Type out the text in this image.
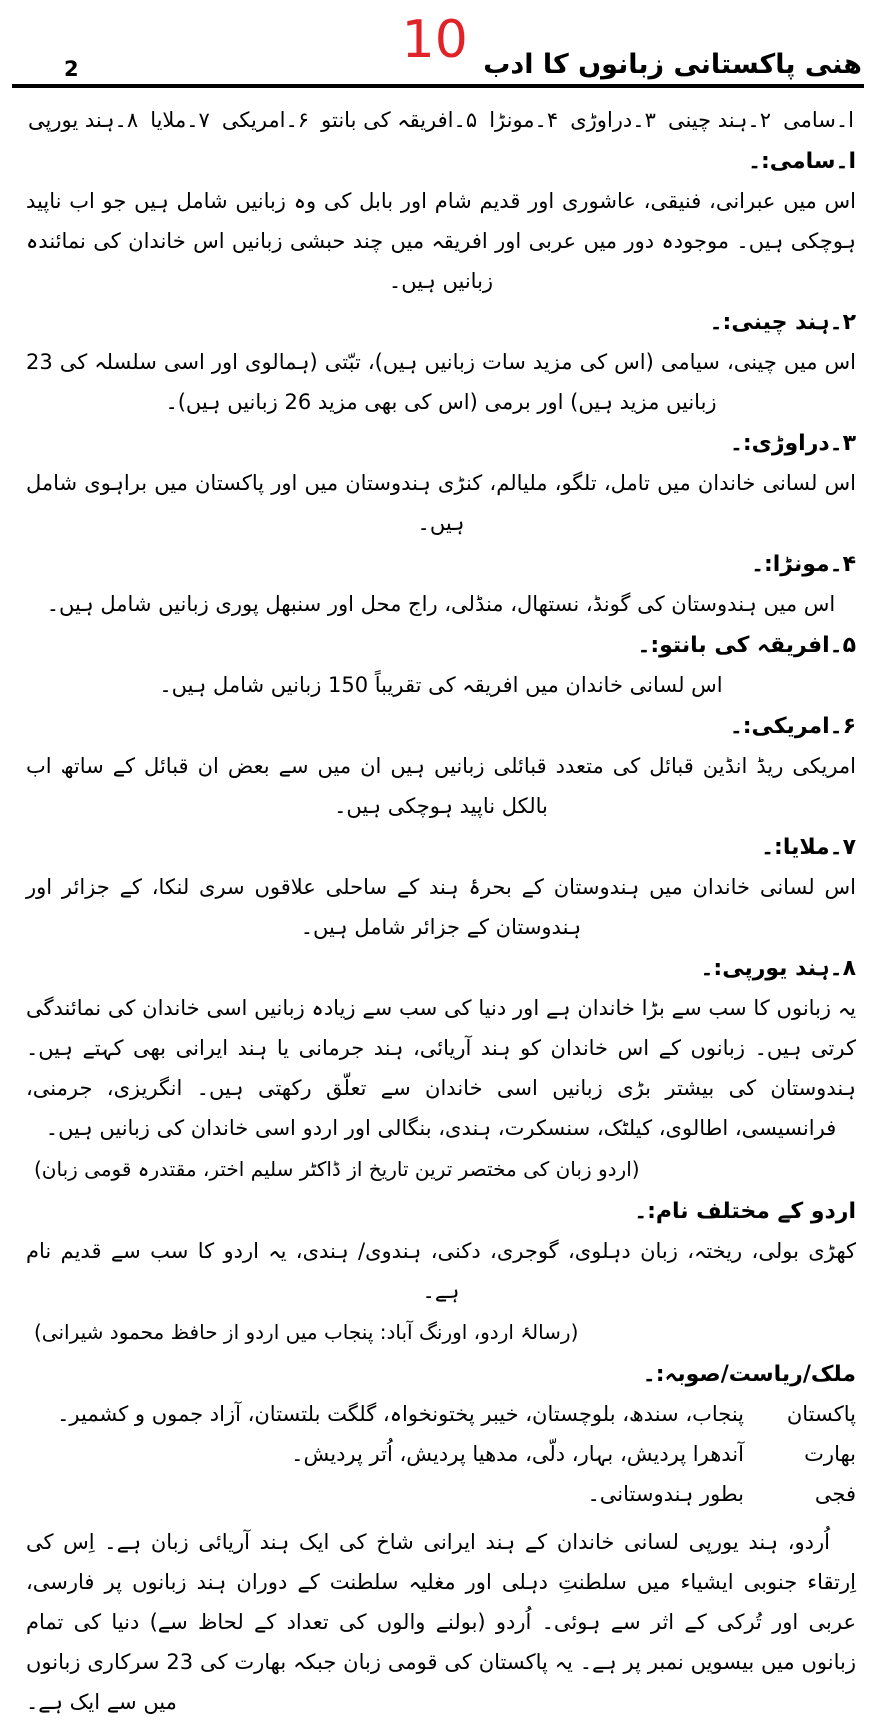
2	10 ھنی پاکستانی زبانوں کا ادب
ا۔سامی
۲۔ہند چینی
۳۔دراوڑی
۴۔مونڑا
۵۔افریقہ کی بانتو
۶۔امریکی
۷۔ملایا
۸۔ہند یورپی
ا۔سامی:۔

اس میں عبرانی، فنیقی، عاشوری اور قدیم شام اور بابل کی وہ زبانیں شامل ہیں جو اب ناپید ہوچکی ہیں۔ موجودہ دور میں عربی اور افریقہ میں چند حبشی زبانیں اس خاندان کی نمائندہ زبانیں ہیں۔

۲۔ہند چینی:۔

اس میں چینی، سیامی (اس کی مزید سات زبانیں ہیں)، تبّتی (ہمالوی اور اسی سلسلہ کی 23 زبانیں مزید ہیں) اور برمی (اس کی بھی مزید 26 زبانیں ہیں)۔

۳۔دراوڑی:۔

اس لسانی خاندان میں تامل، تلگو، ملیالم، کنڑی ہندوستان میں اور پاکستان میں براہوی شامل ہیں۔

۴۔مونڑا:۔

اس میں ہندوستان کی گونڈ، نستھال، منڈلی، راج محل اور سنبھل پوری زبانیں شامل ہیں۔

۵۔افریقہ کی بانتو:۔

اس لسانی خاندان میں افریقہ کی تقریباً 150 زبانیں شامل ہیں۔

۶۔امریکی:۔

امریکی ریڈ انڈین قبائل کی متعدد قبائلی زبانیں ہیں ان میں سے بعض ان قبائل کے ساتھ اب بالکل ناپید ہوچکی ہیں۔

۷۔ملایا:۔

اس لسانی خاندان میں ہندوستان کے بحرۂ ہند کے ساحلی علاقوں سری لنکا، کے جزائر اور ہندوستان کے جزائر شامل ہیں۔

۸۔ہند یورپی:۔

یہ زبانوں کا سب سے بڑا خاندان ہے اور دنیا کی سب سے زیادہ زبانیں اسی خاندان کی نمائندگی کرتی ہیں۔ زبانوں کے اس خاندان کو ہند آریائی، ہند جرمانی یا ہند ایرانی بھی کہتے ہیں۔ ہندوستان کی بیشتر بڑی زبانیں اسی خاندان سے تعلّق رکھتی ہیں۔ انگریزی، جرمنی، فرانسیسی، اطالوی، کیلٹک، سنسکرت، ہندی، بنگالی اور اردو اسی خاندان کی زبانیں ہیں۔

(اردو زبان کی مختصر ترین تاریخ از ڈاکٹر سلیم اختر، مقتدرہ قومی زبان)
اردو کے مختلف نام:۔

کھڑی بولی، ریختہ، زبان دہلوی، گوجری، دکنی، ہندوی/ ہندی، یہ اردو کا سب سے قدیم نام ہے۔

(رسالۂ اردو، اورنگ آباد: پنجاب میں اردو از حافظ محمود شیرانی)
ملک/ریاست/صوبہ:۔
پاکستان
پنجاب، سندھ، بلوچستان، خیبر پختونخواہ، گلگت بلتستان، آزاد جموں و کشمیر۔
بھارت
آندھرا پردیش، بہار، دلّی، مدھیا پردیش، اُتر پردیش۔
فجی
بطور ہندوستانی۔

اُردو، ہند یورپی لسانی خاندان کے ہند ایرانی شاخ کی ایک ہند آریائی زبان ہے۔ اِس کی اِرتقاء جنوبی ایشیاء میں سلطنتِ دہلی اور مغلیہ سلطنت کے دوران ہند زبانوں پر فارسی، عربی اور تُرکی کے اثر سے ہوئی۔ اُردو (بولنے والوں کی تعداد کے لحاظ سے) دنیا کی تمام زبانوں میں بیسویں نمبر پر ہے۔ یہ پاکستان کی قومی زبان جبکہ بھارت کی 23 سرکاری زبانوں میں سے ایک ہے۔
